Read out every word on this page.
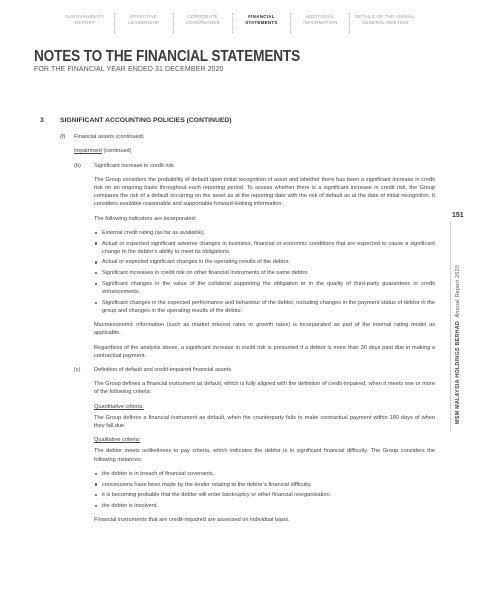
SUSTAINABILITY
REPORT
EFFECTIVE
LEADERSHIP
CORPORATE
GOVERNANCE
FINANCIAL
STATEMENTS
ADDITIONAL
INFORMATION
DETAILS OF THE ANNUAL
GENERAL MEETING
NOTES TO THE FINANCIAL STATEMENTS
FOR THE FINANCIAL YEAR ENDED 31 DECEMBER 2020
3	SIGNIFICANT ACCOUNTING POLICIES (CONTINUED)
(f)	Financial assets (continued)
Impairment (continued)
(b)	Significant increase in credit risk

The Group considers the probability of default upon initial recognition of asset and whether there has been a significant increase in credit risk on an ongoing basis throughout each reporting period. To assess whether there is a significant increase in credit risk, the Group compares the risk of a default occurring on the asset as at the reporting date with the risk of default as at the date of initial recognition. It considers available reasonable and supportable forward-looking information.

The following indicators are incorporated:

External credit rating (as far as available).
Actual or expected significant adverse changes in business, financial or economic conditions that are expected to cause a significant change to the debtor’s ability to meet its obligations.
Actual or expected significant changes in the operating results of the debtor.
Significant increases in credit risk on other financial instruments of the same debtor.
Significant changes in the value of the collateral supporting the obligation or in the quality of third-party guarantees or credit enhancements.
Significant changes in the expected performance and behaviour of the debtor, including changes in the payment status of debtor in the group and changes in the operating results of the debtor.

Macroeconomic information (such as market interest rates or growth rates) is incorporated as part of the internal rating model as applicable.

Regardless of the analysis above, a significant increase in credit risk is presumed if a debtor is more than 30 days past due in making a contractual payment.

(c)	Definition of default and credit-impaired financial assets

The Group defines a financial instrument as default, which is fully aligned with the definition of credit-impaired, when it meets one or more of the following criteria:

Quantitative criteria:

The Group defines a financial instrument as default, when the counterparty fails to make contractual payment within 180 days of when they fall due.

Qualitative criteria:

The debtor meets unlikeliness to pay criteria, which indicates the debtor is in significant financial difficulty. The Group considers the following instances:

the debtor is in breach of financial covenants.
concessions have been made by the lender relating to the debtor’s financial difficulty.
it is becoming probable that the debtor will enter bankruptcy or other financial reorganisation.
the debtor is insolvent.

Financial instruments that are credit-impaired are assessed on individual basis.

151
MSM MALAYSIA HOLDINGS BERHAD  Annual Report 2020
